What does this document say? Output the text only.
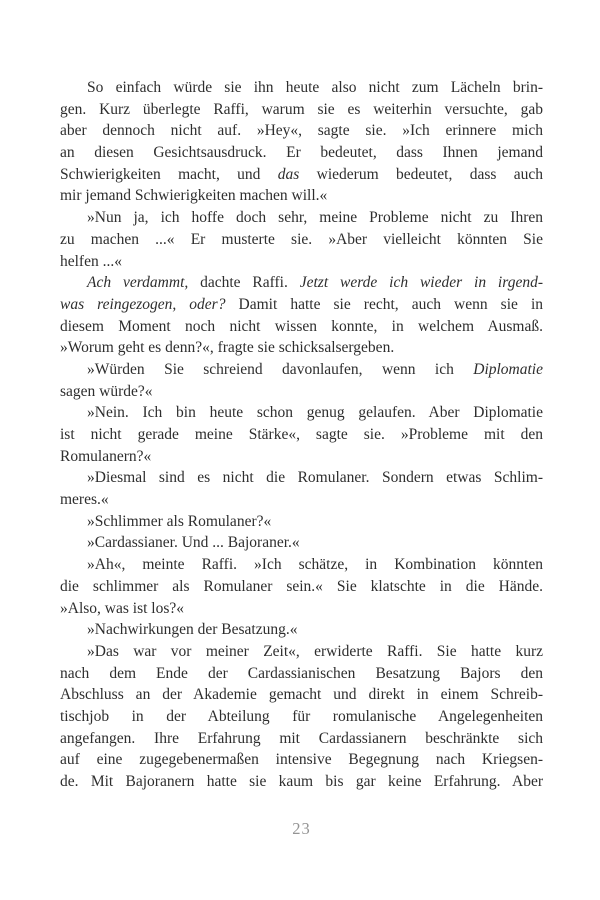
So einfach würde sie ihn heute also nicht zum Lächeln brin-
gen. Kurz überlegte Raffi, warum sie es weiterhin versuchte, gab
aber dennoch nicht auf. »Hey«, sagte sie. »Ich erinnere mich
an diesen Gesichtsausdruck. Er bedeutet, dass Ihnen jemand
Schwierigkeiten macht, und das wiederum bedeutet, dass auch
mir jemand Schwierigkeiten machen will.«
»Nun ja, ich hoffe doch sehr, meine Probleme nicht zu Ihren
zu machen ...« Er musterte sie. »Aber vielleicht könnten Sie
helfen ...«
Ach verdammt, dachte Raffi. Jetzt werde ich wieder in irgend-
was reingezogen, oder? Damit hatte sie recht, auch wenn sie in
diesem Moment noch nicht wissen konnte, in welchem Ausmaß.
»Worum geht es denn?«, fragte sie schicksalsergeben.
»Würden Sie schreiend davonlaufen, wenn ich Diplomatie
sagen würde?«
»Nein. Ich bin heute schon genug gelaufen. Aber Diplomatie
ist nicht gerade meine Stärke«, sagte sie. »Probleme mit den
Romulanern?«
»Diesmal sind es nicht die Romulaner. Sondern etwas Schlim-
meres.«
»Schlimmer als Romulaner?«
»Cardassianer. Und ... Bajoraner.«
»Ah«, meinte Raffi. »Ich schätze, in Kombination könnten
die schlimmer als Romulaner sein.« Sie klatschte in die Hände.
»Also, was ist los?«
»Nachwirkungen der Besatzung.«
»Das war vor meiner Zeit«, erwiderte Raffi. Sie hatte kurz
nach dem Ende der Cardassianischen Besatzung Bajors den
Abschluss an der Akademie gemacht und direkt in einem Schreib-
tischjob in der Abteilung für romulanische Angelegenheiten
angefangen. Ihre Erfahrung mit Cardassianern beschränkte sich
auf eine zugegebenermaßen intensive Begegnung nach Kriegsen-
de. Mit Bajoranern hatte sie kaum bis gar keine Erfahrung. Aber
23
